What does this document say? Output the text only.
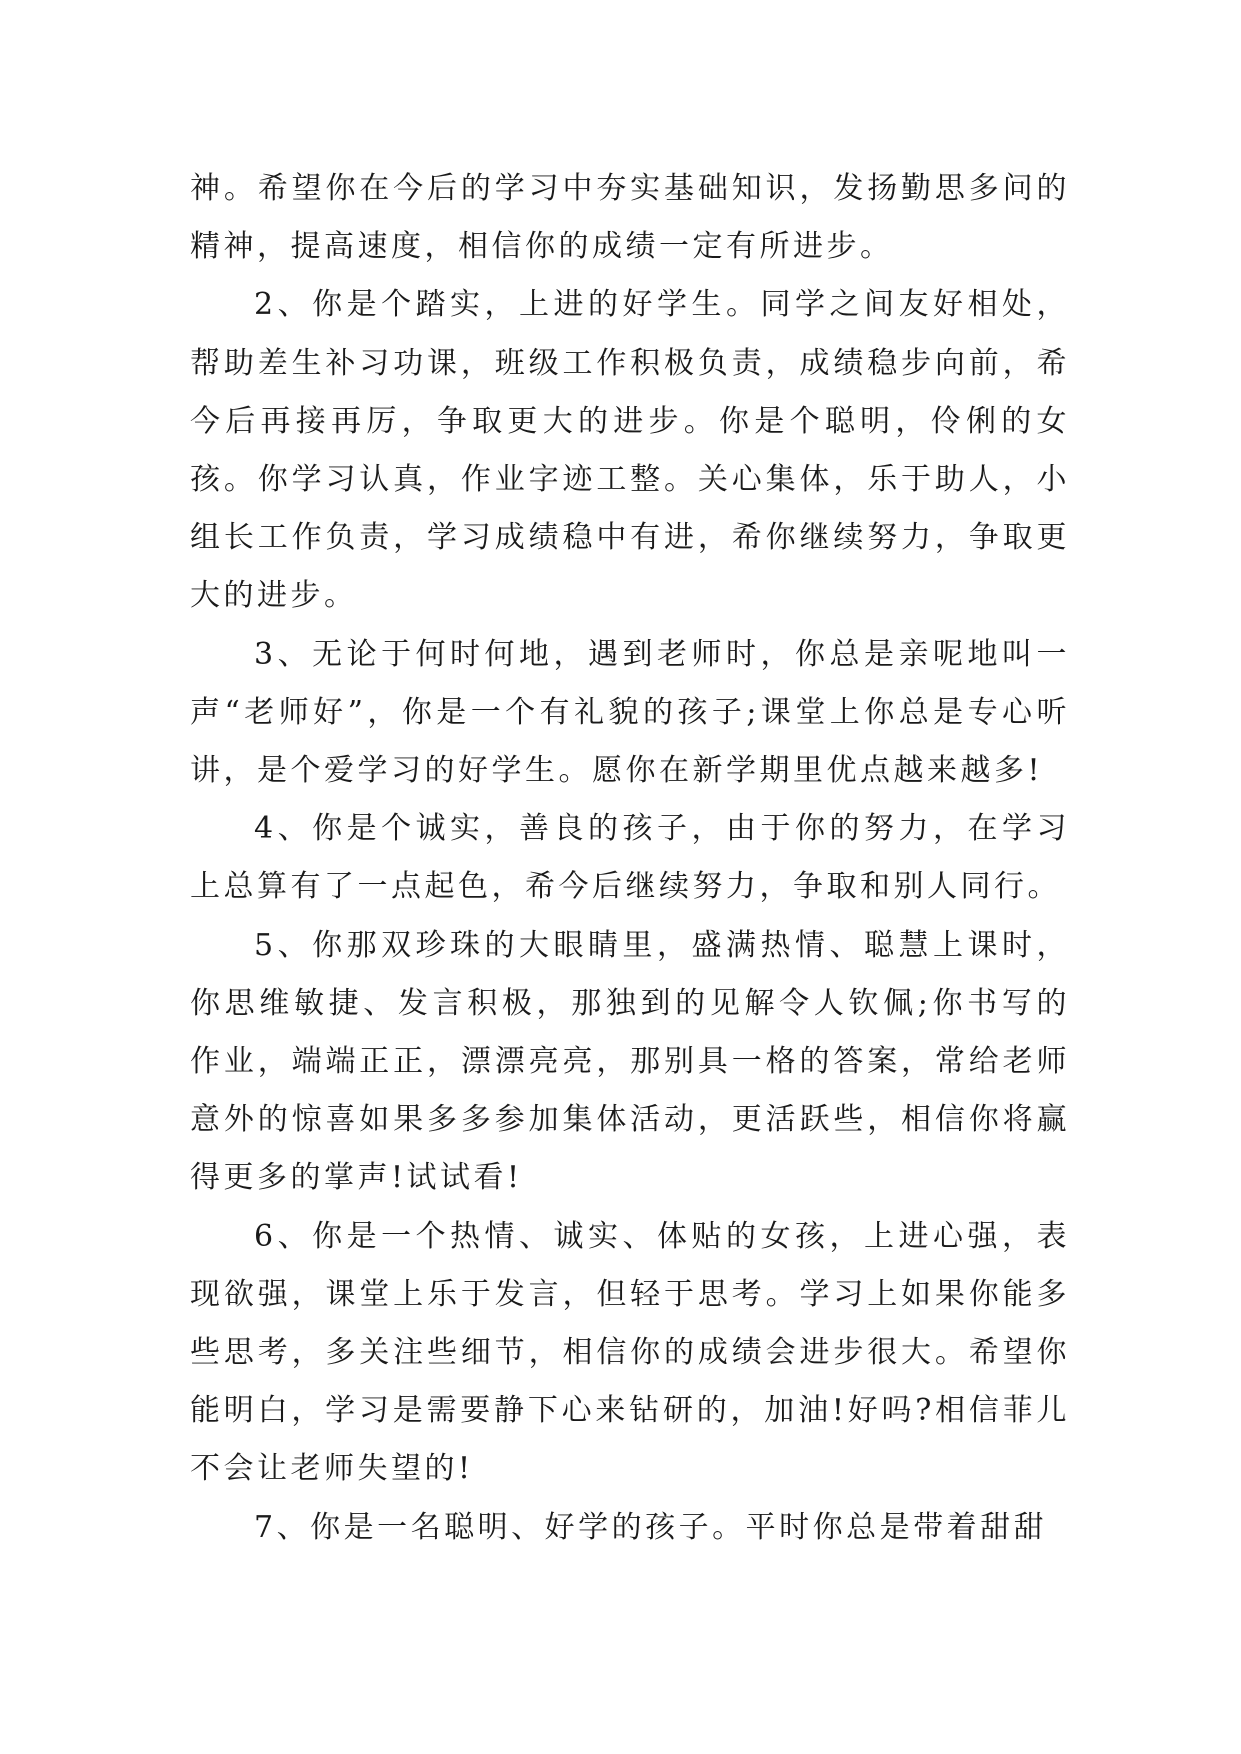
神。希望你在今后的学习中夯实基础知识，发扬勤思多问的精神，提高速度，相信你的成绩一定有所进步。

2、你是个踏实，上进的好学生。同学之间友好相处，帮助差生补习功课，班级工作积极负责，成绩稳步向前，希今后再接再厉，争取更大的进步。你是个聪明，伶俐的女孩。你学习认真，作业字迹工整。关心集体，乐于助人，小组长工作负责，学习成绩稳中有进，希你继续努力，争取更大的进步。

3、无论于何时何地，遇到老师时，你总是亲呢地叫一声“老师好”，你是一个有礼貌的孩子;课堂上你总是专心听讲，是个爱学习的好学生。愿你在新学期里优点越来越多!

4、你是个诚实，善良的孩子，由于你的努力，在学习上总算有了一点起色，希今后继续努力，争取和别人同行。

5、你那双珍珠的大眼睛里，盛满热情、聪慧上课时，你思维敏捷、发言积极，那独到的见解令人钦佩;你书写的作业，端端正正，漂漂亮亮，那别具一格的答案，常给老师意外的惊喜如果多多参加集体活动，更活跃些，相信你将赢得更多的掌声!试试看!

6、你是一个热情、诚实、体贴的女孩，上进心强，表现欲强，课堂上乐于发言，但轻于思考。学习上如果你能多些思考，多关注些细节，相信你的成绩会进步很大。希望你能明白，学习是需要静下心来钻研的，加油!好吗?相信菲儿不会让老师失望的!

7、你是一名聪明、好学的孩子。平时你总是带着甜甜
